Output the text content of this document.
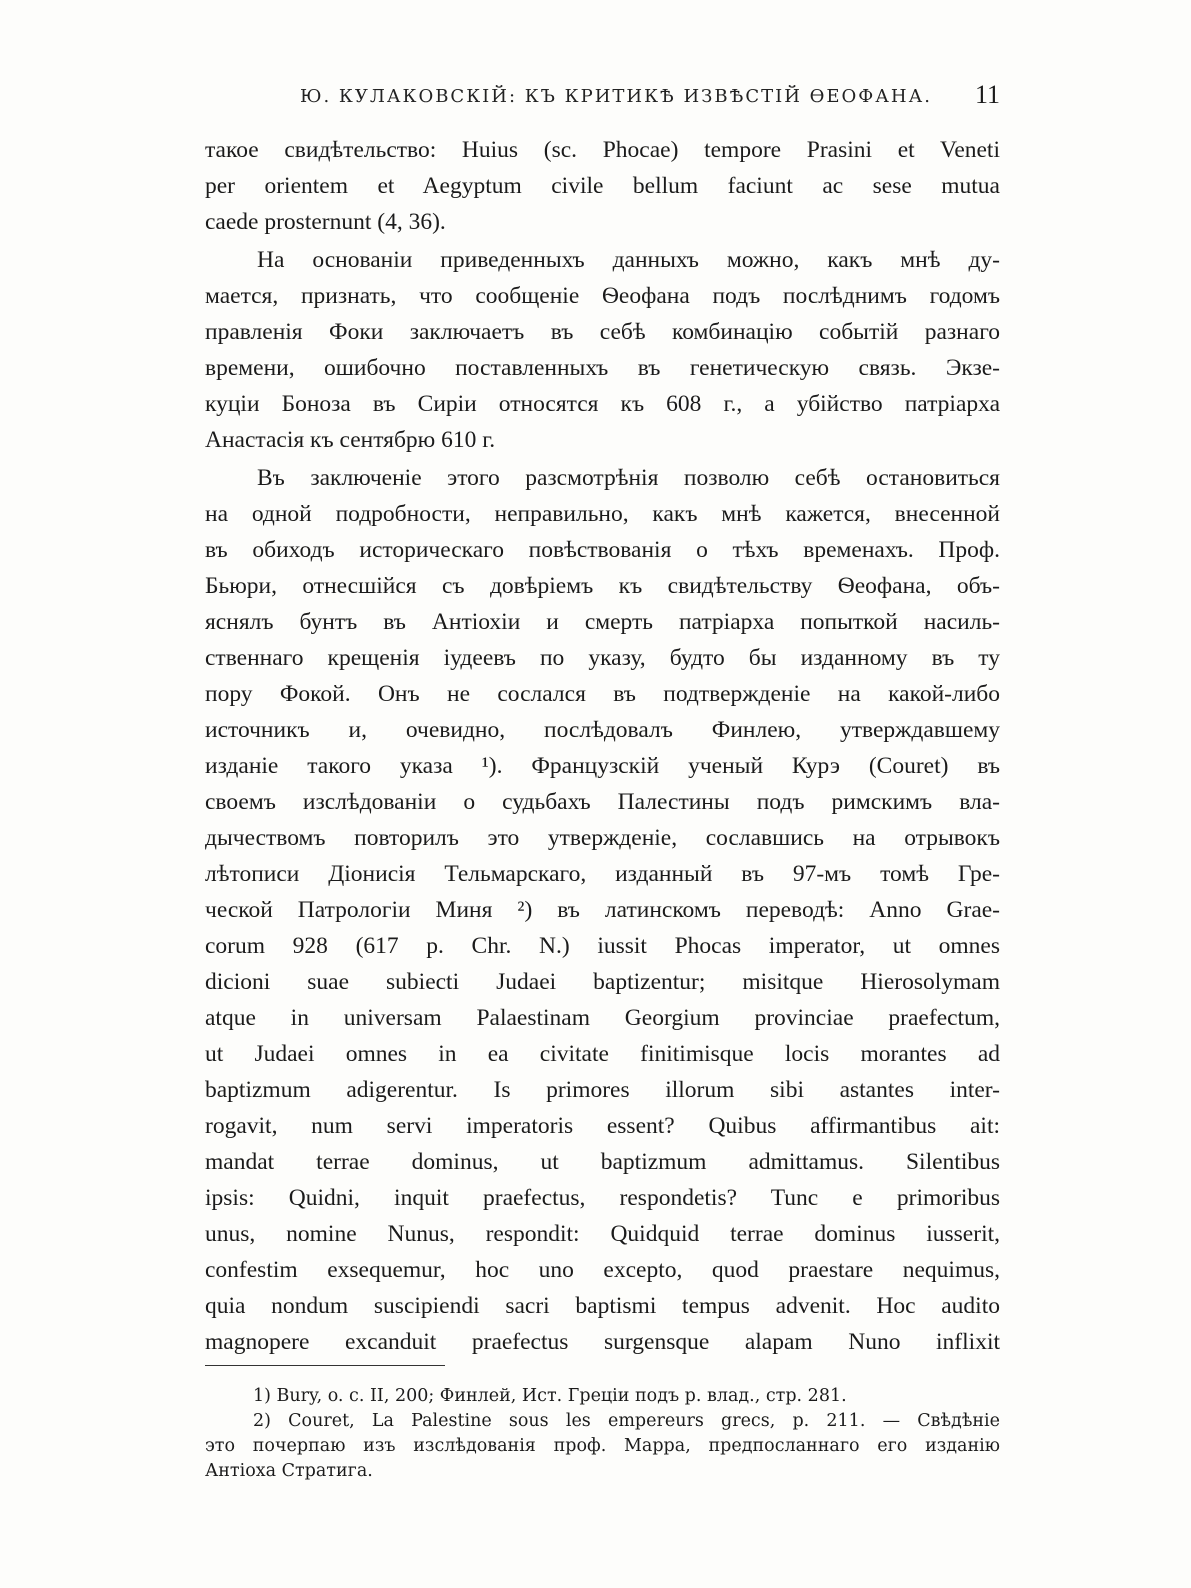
Ю. КУЛАКОВСКІЙ: КЪ КРИТИКѢ ИЗВѢСТІЙ ѲЕОФАНА. 11
такое свидѣтельство: Huius (sc. Phocae) tempore Prasini et Veneti
per orientem et Aegyptum civile bellum faciunt ac sese mutua
caede prosternunt (4, 36).
На основаніи приведенныхъ данныхъ можно, какъ мнѣ ду-
мается, признать, что сообщеніе Ѳеофана подъ послѣднимъ годомъ
правленія Фоки заключаетъ въ себѣ комбинацію событій разнаго
времени, ошибочно поставленныхъ въ генетическую связь. Экзе-
куціи Боноза въ Сиріи относятся къ 608 г., а убійство патріарха
Анастасія къ сентябрю 610 г.
Въ заключеніе этого разсмотрѣнія позволю себѣ остановиться
на одной подробности, неправильно, какъ мнѣ кажется, внесенной
въ обиходъ историческаго повѣствованія о тѣхъ временахъ. Проф.
Бьюри, отнесшійся съ довѣріемъ къ свидѣтельству Ѳеофана, объ-
яснялъ бунтъ въ Антіохіи и смерть патріарха попыткой насиль-
ственнаго крещенія іудеевъ по указу, будто бы изданному въ ту
пору Фокой. Онъ не сослался въ подтвержденіе на какой-либо
источникъ и, очевидно, послѣдовалъ Финлею, утверждавшему
изданіе такого указа ¹). Французскій ученый Курэ (Couret) въ
своемъ изслѣдованіи о судьбахъ Палестины подъ римскимъ вла-
дычествомъ повторилъ это утвержденіе, сославшись на отрывокъ
лѣтописи Діонисія Тельмарскаго, изданный въ 97-мъ томѣ Гре-
ческой Патрологіи Миня ²) въ латинскомъ переводѣ: Anno Grae-
corum 928 (617 p. Chr. N.) iussit Phocas imperator, ut omnes
dicioni suae subiecti Judaei baptizentur; misitque Hierosolymam
atque in universam Palaestinam Georgium provinciae praefectum,
ut Judaei omnes in ea civitate finitimisque locis morantes ad
baptizmum adigerentur. Is primores illorum sibi astantes inter-
rogavit, num servi imperatoris essent? Quibus affirmantibus ait:
mandat terrae dominus, ut baptizmum admittamus. Silentibus
ipsis: Quidni, inquit praefectus, respondetis? Tunc e primoribus
unus, nomine Nunus, respondit: Quidquid terrae dominus iusserit,
confestim exsequemur, hoc uno excepto, quod praestare nequimus,
quia nondum suscipiendi sacri baptismi tempus advenit. Hoc audito
magnopere excanduit praefectus surgensque alapam Nuno inflixit
1) Bury, o. c. II, 200; Финлей, Ист. Греціи подъ р. влад., стр. 281.
2) Couret, La Palestine sous les empereurs grecs, p. 211. — Свѣдѣніе
это почерпаю изъ изслѣдованія проф. Марра, предпосланнаго его изданію
Антіоха Стратига.
